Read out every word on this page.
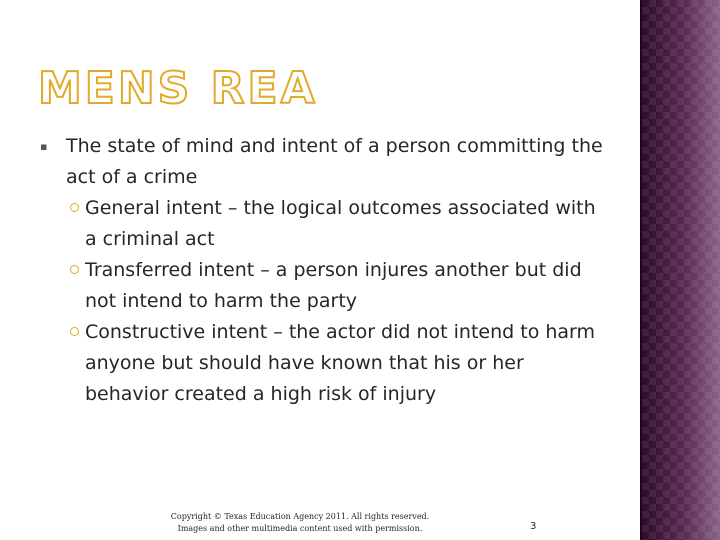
MENS REA
▪ The state of mind and intent of a person committing the act of a crime
General intent – the logical outcomes associated with a criminal act
Transferred intent – a person injures another but did not intend to harm the party
Constructive intent – the actor did not intend to harm anyone but should have known that his or her behavior created a high risk of injury
Copyright © Texas Education Agency 2011. All rights reserved.
Images and other multimedia content used with permission.	3
